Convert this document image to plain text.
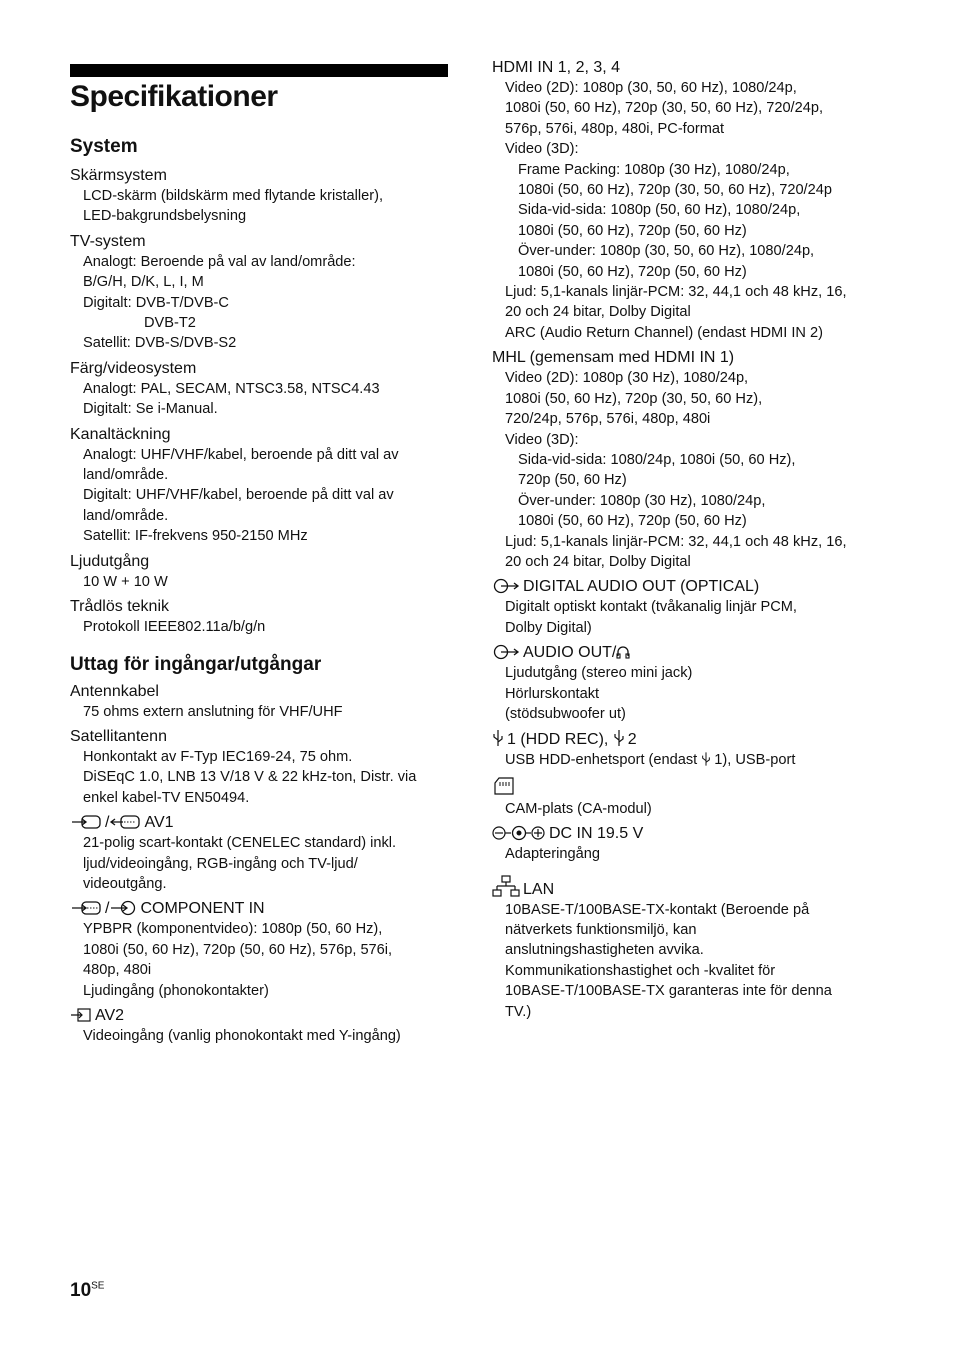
Specifikationer
System

Skärmsystem

LCD-skärm (bildskärm med flytande kristaller),

LED-bakgrundsbelysning

TV-system

Analogt: Beroende på val av land/område:

B/G/H, D/K, L, I, M

Digitalt: DVB-T/DVB-C

DVB-T2

Satellit: DVB-S/DVB-S2

Färg/videosystem

Analogt: PAL, SECAM, NTSC3.58, NTSC4.43

Digitalt: Se i-Manual.

Kanaltäckning

Analogt: UHF/VHF/kabel, beroende på ditt val av

land/område.

Digitalt: UHF/VHF/kabel, beroende på ditt val av

land/område.

Satellit: IF-frekvens 950-2150 MHz

Ljudutgång

10 W + 10 W

Trådlös teknik

Protokoll IEEE802.11a/b/g/n

Uttag för ingångar/utgångar

Antennkabel

75 ohms extern anslutning för VHF/UHF

Satellitantenn

Honkontakt av F-Typ IEC169-24, 75 ohm.

DiSEqC 1.0, LNB 13 V/18 V & 22 kHz-ton, Distr. via

enkel kabel-TV EN50494.

/ AV1

21-polig scart-kontakt (CENELEC standard) inkl.

ljud/videoingång, RGB-ingång och TV-ljud/

videoutgång.

/ COMPONENT IN

YPBPR (komponentvideo): 1080p (50, 60 Hz),

1080i (50, 60 Hz), 720p (50, 60 Hz), 576p, 576i,

480p, 480i

Ljudingång (phonokontakter)

AV2

Videoingång (vanlig phonokontakt med Y-ingång)

HDMI IN 1, 2, 3, 4

Video (2D): 1080p (30, 50, 60 Hz), 1080/24p,

1080i (50, 60 Hz), 720p (30, 50, 60 Hz), 720/24p,

576p, 576i, 480p, 480i, PC-format

Video (3D):

Frame Packing: 1080p (30 Hz), 1080/24p,

1080i (50, 60 Hz), 720p (30, 50, 60 Hz), 720/24p

Sida-vid-sida: 1080p (50, 60 Hz), 1080/24p,

1080i (50, 60 Hz), 720p (50, 60 Hz)

Över-under: 1080p (30, 50, 60 Hz), 1080/24p,

1080i (50, 60 Hz), 720p (50, 60 Hz)

Ljud: 5,1-kanals linjär-PCM: 32, 44,1 och 48 kHz, 16,

20 och 24 bitar, Dolby Digital

ARC (Audio Return Channel) (endast HDMI IN 2)

MHL (gemensam med HDMI IN 1)

Video (2D): 1080p (30 Hz), 1080/24p,

1080i (50, 60 Hz), 720p (30, 50, 60 Hz),

720/24p, 576p, 576i, 480p, 480i

Video (3D):

Sida-vid-sida: 1080/24p, 1080i (50, 60 Hz),

720p (50, 60 Hz)

Över-under: 1080p (30 Hz), 1080/24p,

1080i (50, 60 Hz), 720p (50, 60 Hz)

Ljud: 5,1-kanals linjär-PCM: 32, 44,1 och 48 kHz, 16,

20 och 24 bitar, Dolby Digital

DIGITAL AUDIO OUT (OPTICAL)

Digitalt optiskt kontakt (tvåkanalig linjär PCM,

Dolby Digital)

AUDIO OUT/

Ljudutgång (stereo mini jack)

Hörlurskontakt

(stödsubwoofer ut)

1 (HDD REC), 2

USB HDD-enhetsport (endast 1), USB-port

CAM-plats (CA-modul)

DC IN 19.5 V

Adapteringång

LAN

10BASE-T/100BASE-TX-kontakt (Beroende på

nätverkets funktionsmiljö, kan

anslutningshastigheten avvika.

Kommunikationshastighet och -kvalitet för

10BASE-T/100BASE-TX garanteras inte för denna

TV.)

$10^{SE}$
